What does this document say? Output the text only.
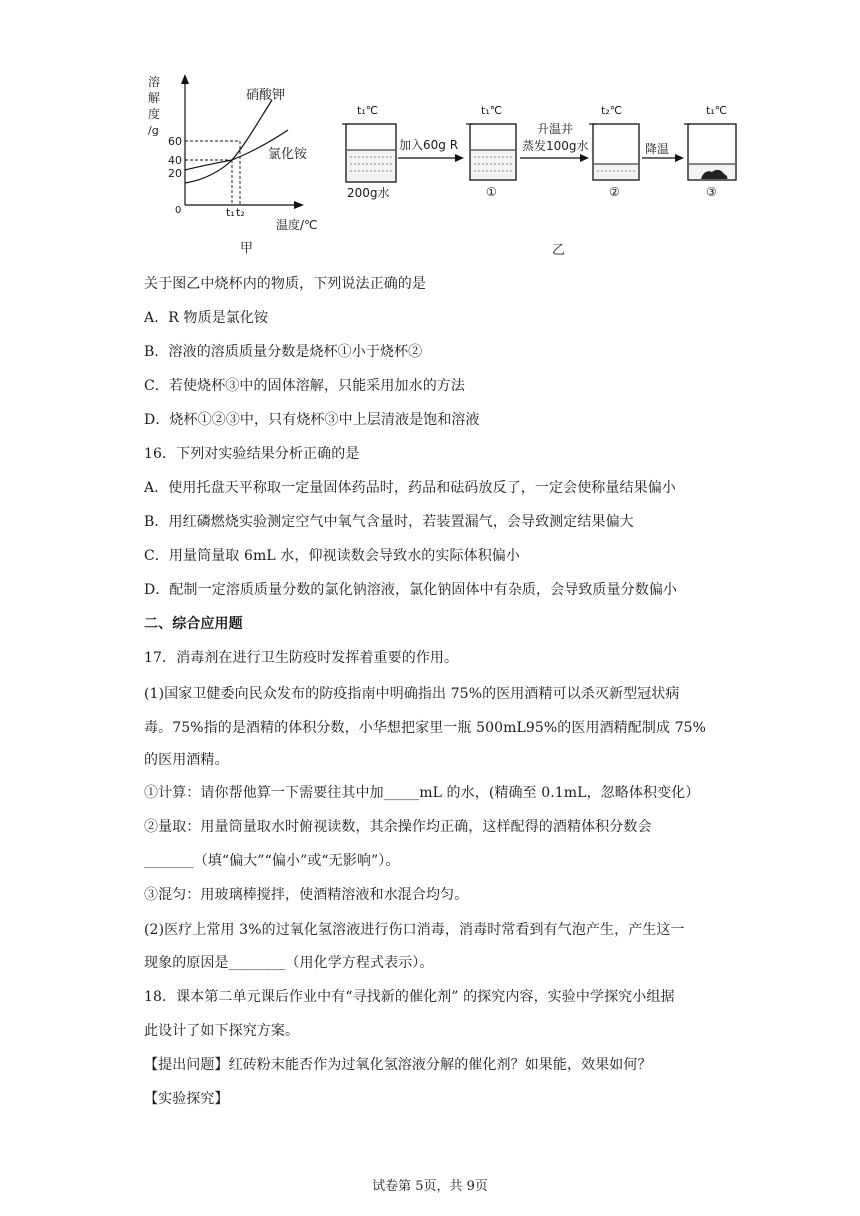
溶
解
度
/g
60
40
20
0
硝酸钾
氯化铵
t₁ t₂
温度/℃
甲
t₁℃
200g水
加入60g R
t₁℃
①
升温并
蒸发100g水
t₂℃
②
降温
t₁℃
③
乙
关于图乙中烧杯内的物质，下列说法正确的是
A．R 物质是氯化铵
B．溶液的溶质质量分数是烧杯①小于烧杯②
C．若使烧杯③中的固体溶解，只能采用加水的方法
D．烧杯①②③中，只有烧杯③中上层清液是饱和溶液
16．下列对实验结果分析正确的是
A．使用托盘天平称取一定量固体药品时，药品和砝码放反了，一定会使称量结果偏小
B．用红磷燃烧实验测定空气中氧气含量时，若装置漏气，会导致测定结果偏大
C．用量筒量取 6mL 水，仰视读数会导致水的实际体积偏小
D．配制一定溶质质量分数的氯化钠溶液，氯化钠固体中有杂质，会导致质量分数偏小
二、综合应用题
17．消毒剂在进行卫生防疫时发挥着重要的作用。
(1)国家卫健委向民众发布的防疫指南中明确指出 75%的医用酒精可以杀灭新型冠状病
毒。75%指的是酒精的体积分数，小华想把家里一瓶 500mL95%的医用酒精配制成 75%
的医用酒精。
①计算：请你帮他算一下需要往其中加_____mL 的水，(精确至 0.1mL，忽略体积变化）
②量取：用量筒量取水时俯视读数，其余操作均正确，这样配得的酒精体积分数会
_______（填“偏大”“偏小”或“无影响”）。
③混匀：用玻璃棒搅拌，使酒精溶液和水混合均匀。
(2)医疗上常用 3%的过氧化氢溶液进行伤口消毒，消毒时常看到有气泡产生，产生这一
现象的原因是________（用化学方程式表示）。
18．课本第二单元课后作业中有“寻找新的催化剂” 的探究内容，实验中学探究小组据
此设计了如下探究方案。
【提出问题】红砖粉末能否作为过氧化氢溶液分解的催化剂？如果能，效果如何？
【实验探究】
试卷第 5页，共 9页
